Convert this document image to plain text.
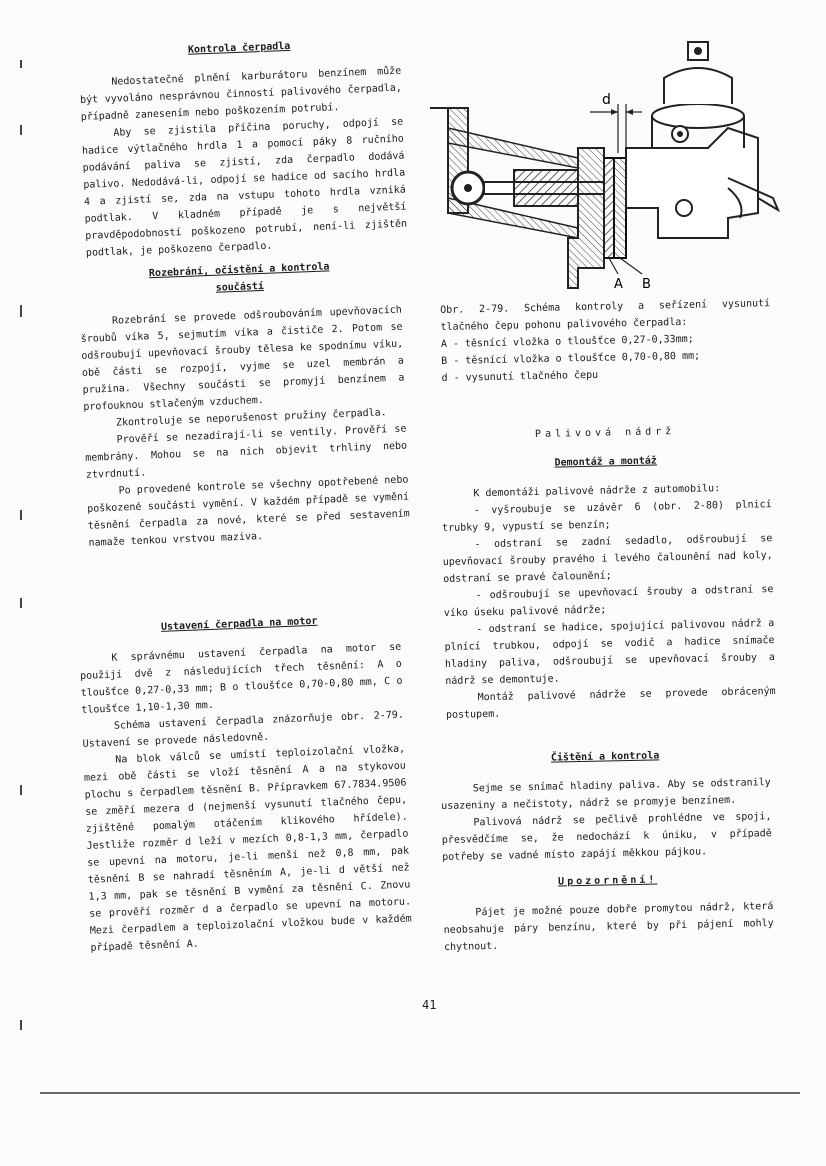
Kontrola čerpadla

Nedostatečné plnění karburátoru benzínem může být vyvoláno nesprávnou činností palivového čerpadla, případně zanesením nebo poškozením potrubí.

Aby se zjistila příčina poruchy, odpojí se hadice výtlačného hrdla 1 a pomocí páky 8 ručního podávání paliva se zjistí, zda čerpadlo dodává palivo. Nedodává-li, odpojí se hadice od sacího hrdla 4 a zjistí se, zda na vstupu tohoto hrdla vzniká podtlak. V kladném případě je s největší pravděpodobností poškozeno potrubí, není-li zjištěn podtlak, je poškozeno čerpadlo.

Rozebrání, očistění a kontrola
součástí

Rozebrání se provede odšroubováním upevňovacích šroubů víka 5, sejmutím víka a čističe 2. Potom se odšroubují upevňovací šrouby tělesa ke spodnímu víku, obě části se rozpojí, vyjme se uzel membrán a pružina. Všechny součásti se promyjí benzínem a profouknou stlačeným vzduchem.

Zkontroluje se neporušenost pružiny čerpadla.

Prověří se nezadírají-li se ventily. Prověří se membrány. Mohou se na nich objevit trhliny nebo ztvrdnutí.

Po provedené kontrole se všechny opotřebené nebo poškozené součásti vymění. V každém případě se vymění těsnění čerpadla za nové, které se před sestavením namaže tenkou vrstvou maziva.

Ustavení čerpadla na motor

K správnému ustavení čerpadla na motor se použijí dvě z následujících třech těsnění: A o tloušťce 0,27-0,33 mm; B o tloušťce 0,70-0,80 mm, C o tloušťce 1,10-1,30 mm.

Schéma ustavení čerpadla znázorňuje obr. 2-79. Ustavení se provede následovně.

Na blok válců se umístí teploizolační vložka, mezi obě části se vloží těsnění A a na stykovou plochu s čerpadlem těsnění B. Přípravkem 67.7834.9506 se změří mezera d (nejmenší vysunutí tlačného čepu, zjištěné pomalým otáčením klikového hřídele). Jestliže rozměr d leží v mezích 0,8-1,3 mm, čerpadlo se upevní na motoru, je-li menší než 0,8 mm, pak těsnění B se nahradí těsněním A, je-li d větší než 1,3 mm, pak se těsnění B vymění za těsnění C. Znovu se prověří rozměr d a čerpadlo se upevní na motoru. Mezi čerpadlem a teploizolační vložkou bude v každém případě těsnění A.

d
A B

Obr. 2-79. Schéma kontroly a seřízení vysunutí tlačného čepu pohonu palivového čerpadla:

A - těsnící vložka o tloušťce 0,27-0,33mm;

B - těsnící vložka o tloušťce 0,70-0,80 mm;

d - vysunutí tlačného čepu

Palivová nádrž
Demontáž a montáž

K demontáži palivové nádrže z automobilu:

- vyšroubuje se uzávěr 6 (obr. 2-80) plnicí trubky 9, vypustí se benzín;

- odstraní se zadní sedadlo, odšroubují se upevňovací šrouby pravého i levého čalounění nad koly, odstraní se pravé čalounění;

- odšroubují se upevňovací šrouby a odstraní se víko úseku palivové nádrže;

- odstraní se hadice, spojující palivovou nádrž a plnící trubkou, odpojí se vodič a hadice snímače hladiny paliva, odšroubují se upevňovací šrouby a nádrž se demontuje.

Montáž palivové nádrže se provede obráceným postupem.

Čištění a kontrola

Sejme se snímač hladiny paliva. Aby se odstranily usazeniny a nečistoty, nádrž se promyje benzínem.

Palivová nádrž se pečlivě prohlédne ve spoji, přesvědčíme se, že nedochází k úniku, v případě potřeby se vadné místo zapájí měkkou pájkou.

Upozornění!

Pájet je možné pouze dobře promytou nádrž, která neobsahuje páry benzínu, které by při pájení mohly chytnout.

41
